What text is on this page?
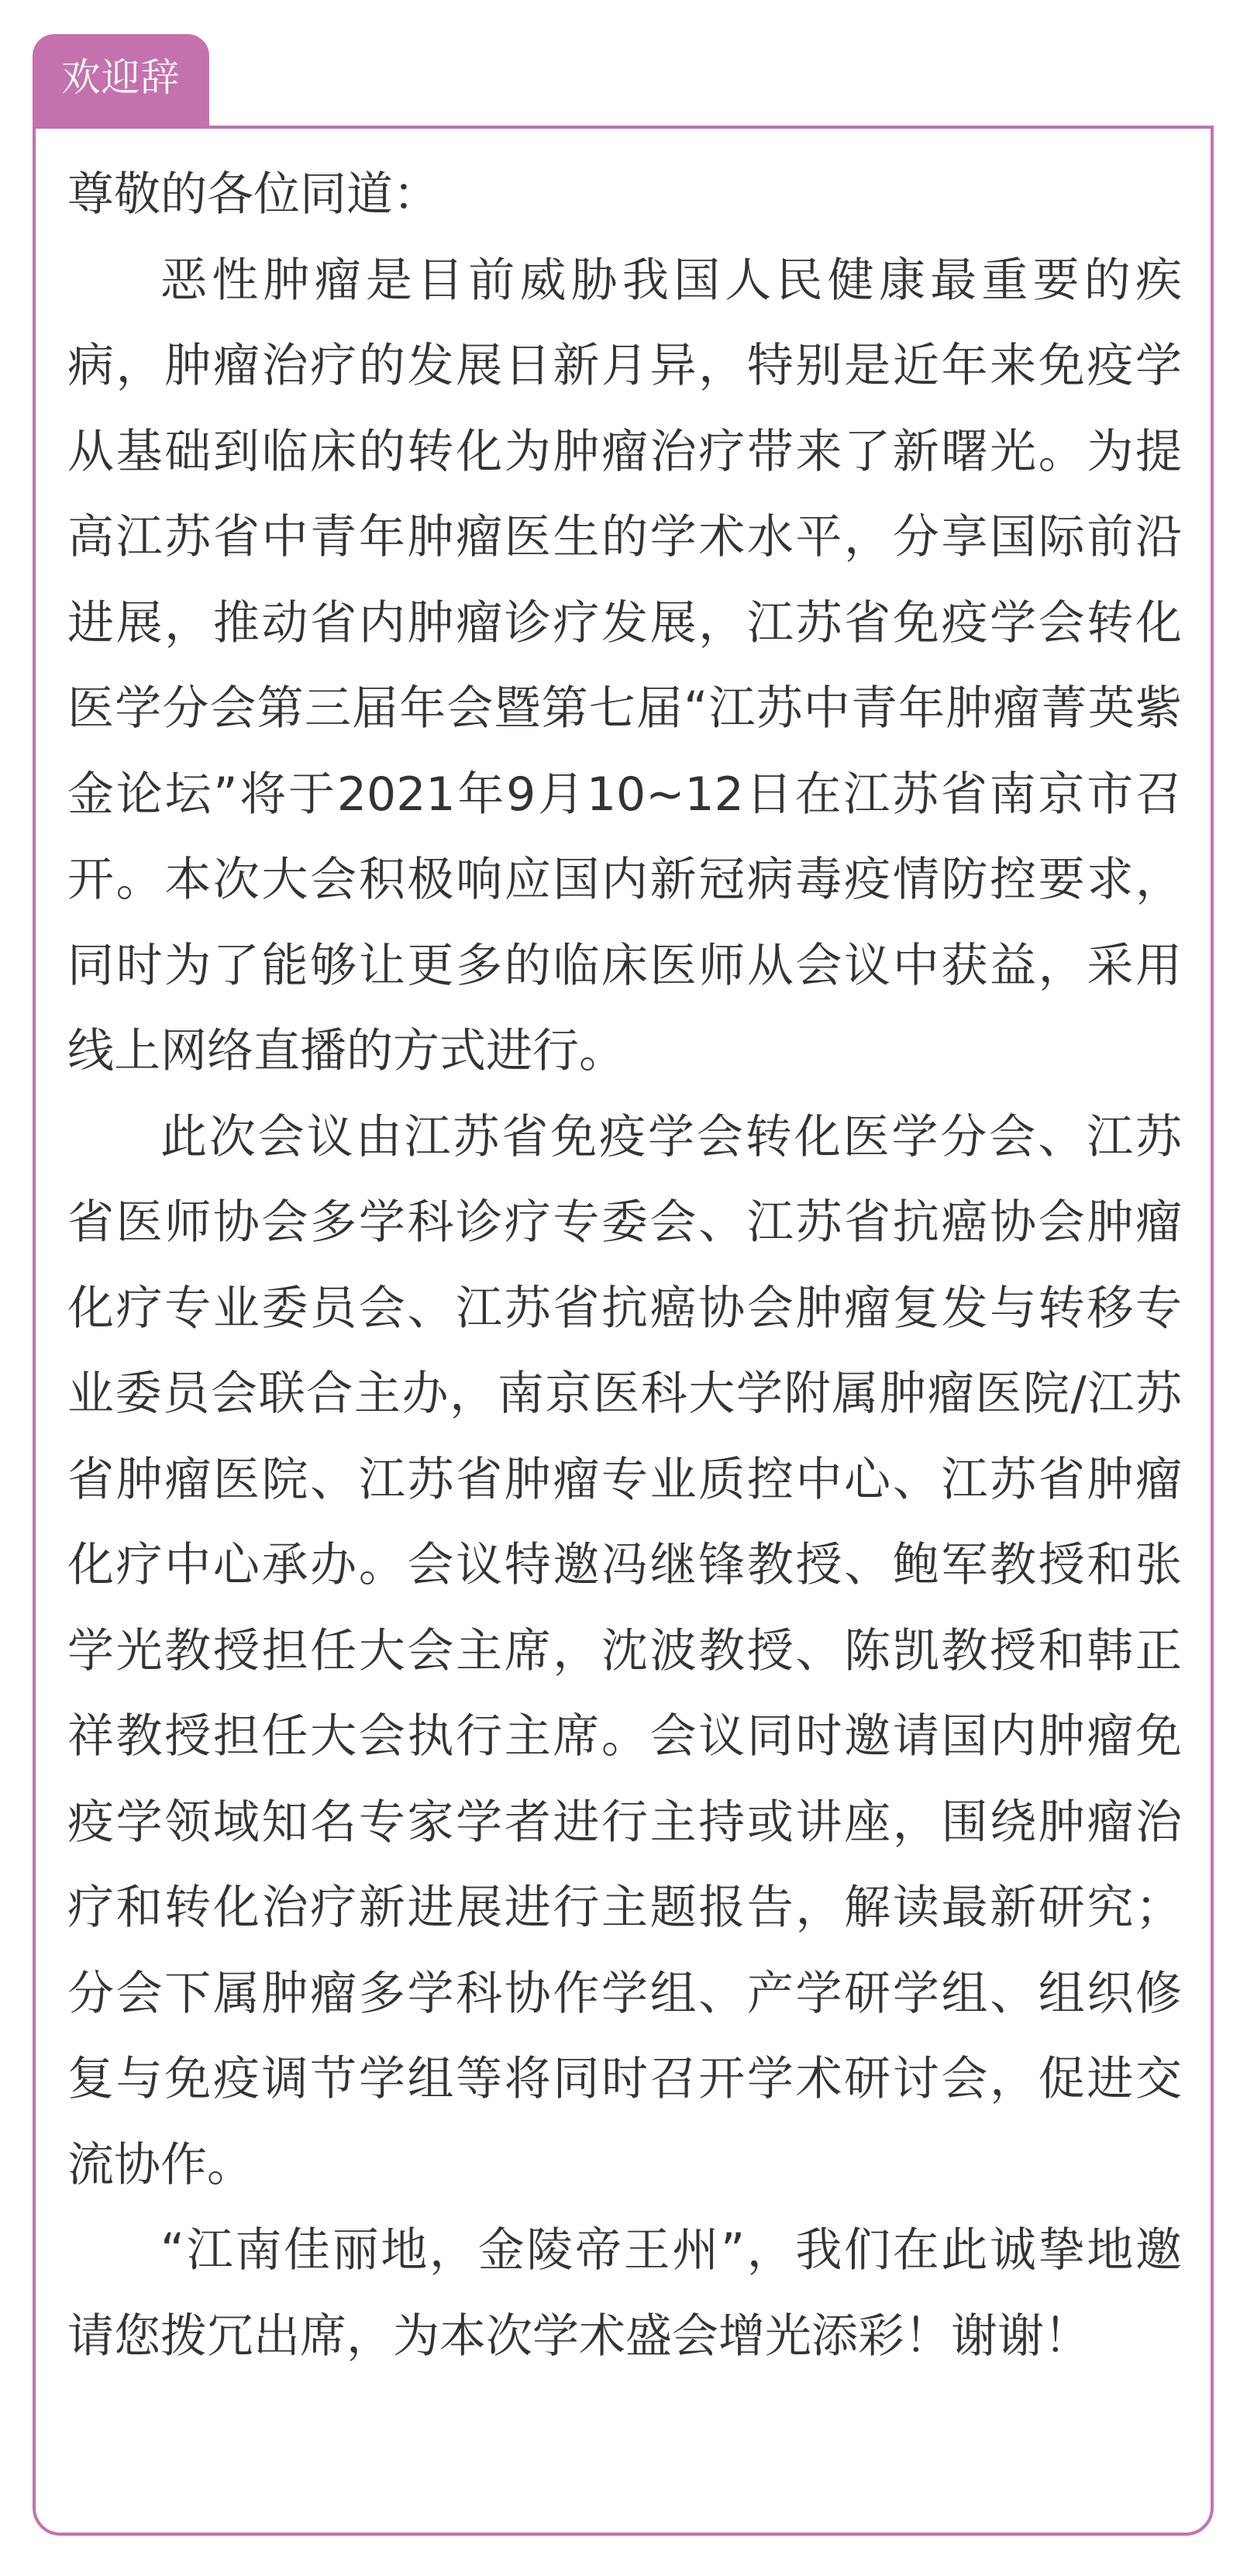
欢迎辞

尊敬的各位同道：

恶性肿瘤是目前威胁我国人民健康最重要的疾病，肿瘤治疗的发展日新月异，特别是近年来免疫学从基础到临床的转化为肿瘤治疗带来了新曙光。为提高江苏省中青年肿瘤医生的学术水平，分享国际前沿进展，推动省内肿瘤诊疗发展，江苏省免疫学会转化医学分会第三届年会暨第七届“江苏中青年肿瘤菁英紫金论坛”将于2021年9月10~12日在江苏省南京市召开。本次大会积极响应国内新冠病毒疫情防控要求，同时为了能够让更多的临床医师从会议中获益，采用线上网络直播的方式进行。

此次会议由江苏省免疫学会转化医学分会、江苏省医师协会多学科诊疗专委会、江苏省抗癌协会肿瘤化疗专业委员会、江苏省抗癌协会肿瘤复发与转移专业委员会联合主办，南京医科大学附属肿瘤医院/江苏省肿瘤医院、江苏省肿瘤专业质控中心、江苏省肿瘤化疗中心承办。会议特邀冯继锋教授、鲍军教授和张学光教授担任大会主席，沈波教授、陈凯教授和韩正祥教授担任大会执行主席。会议同时邀请国内肿瘤免疫学领域知名专家学者进行主持或讲座，围绕肿瘤治疗和转化治疗新进展进行主题报告，解读最新研究；分会下属肿瘤多学科协作学组、产学研学组、组织修复与免疫调节学组等将同时召开学术研讨会，促进交流协作。

“江南佳丽地，金陵帝王州”，我们在此诚挚地邀请您拨冗出席，为本次学术盛会增光添彩！谢谢！
